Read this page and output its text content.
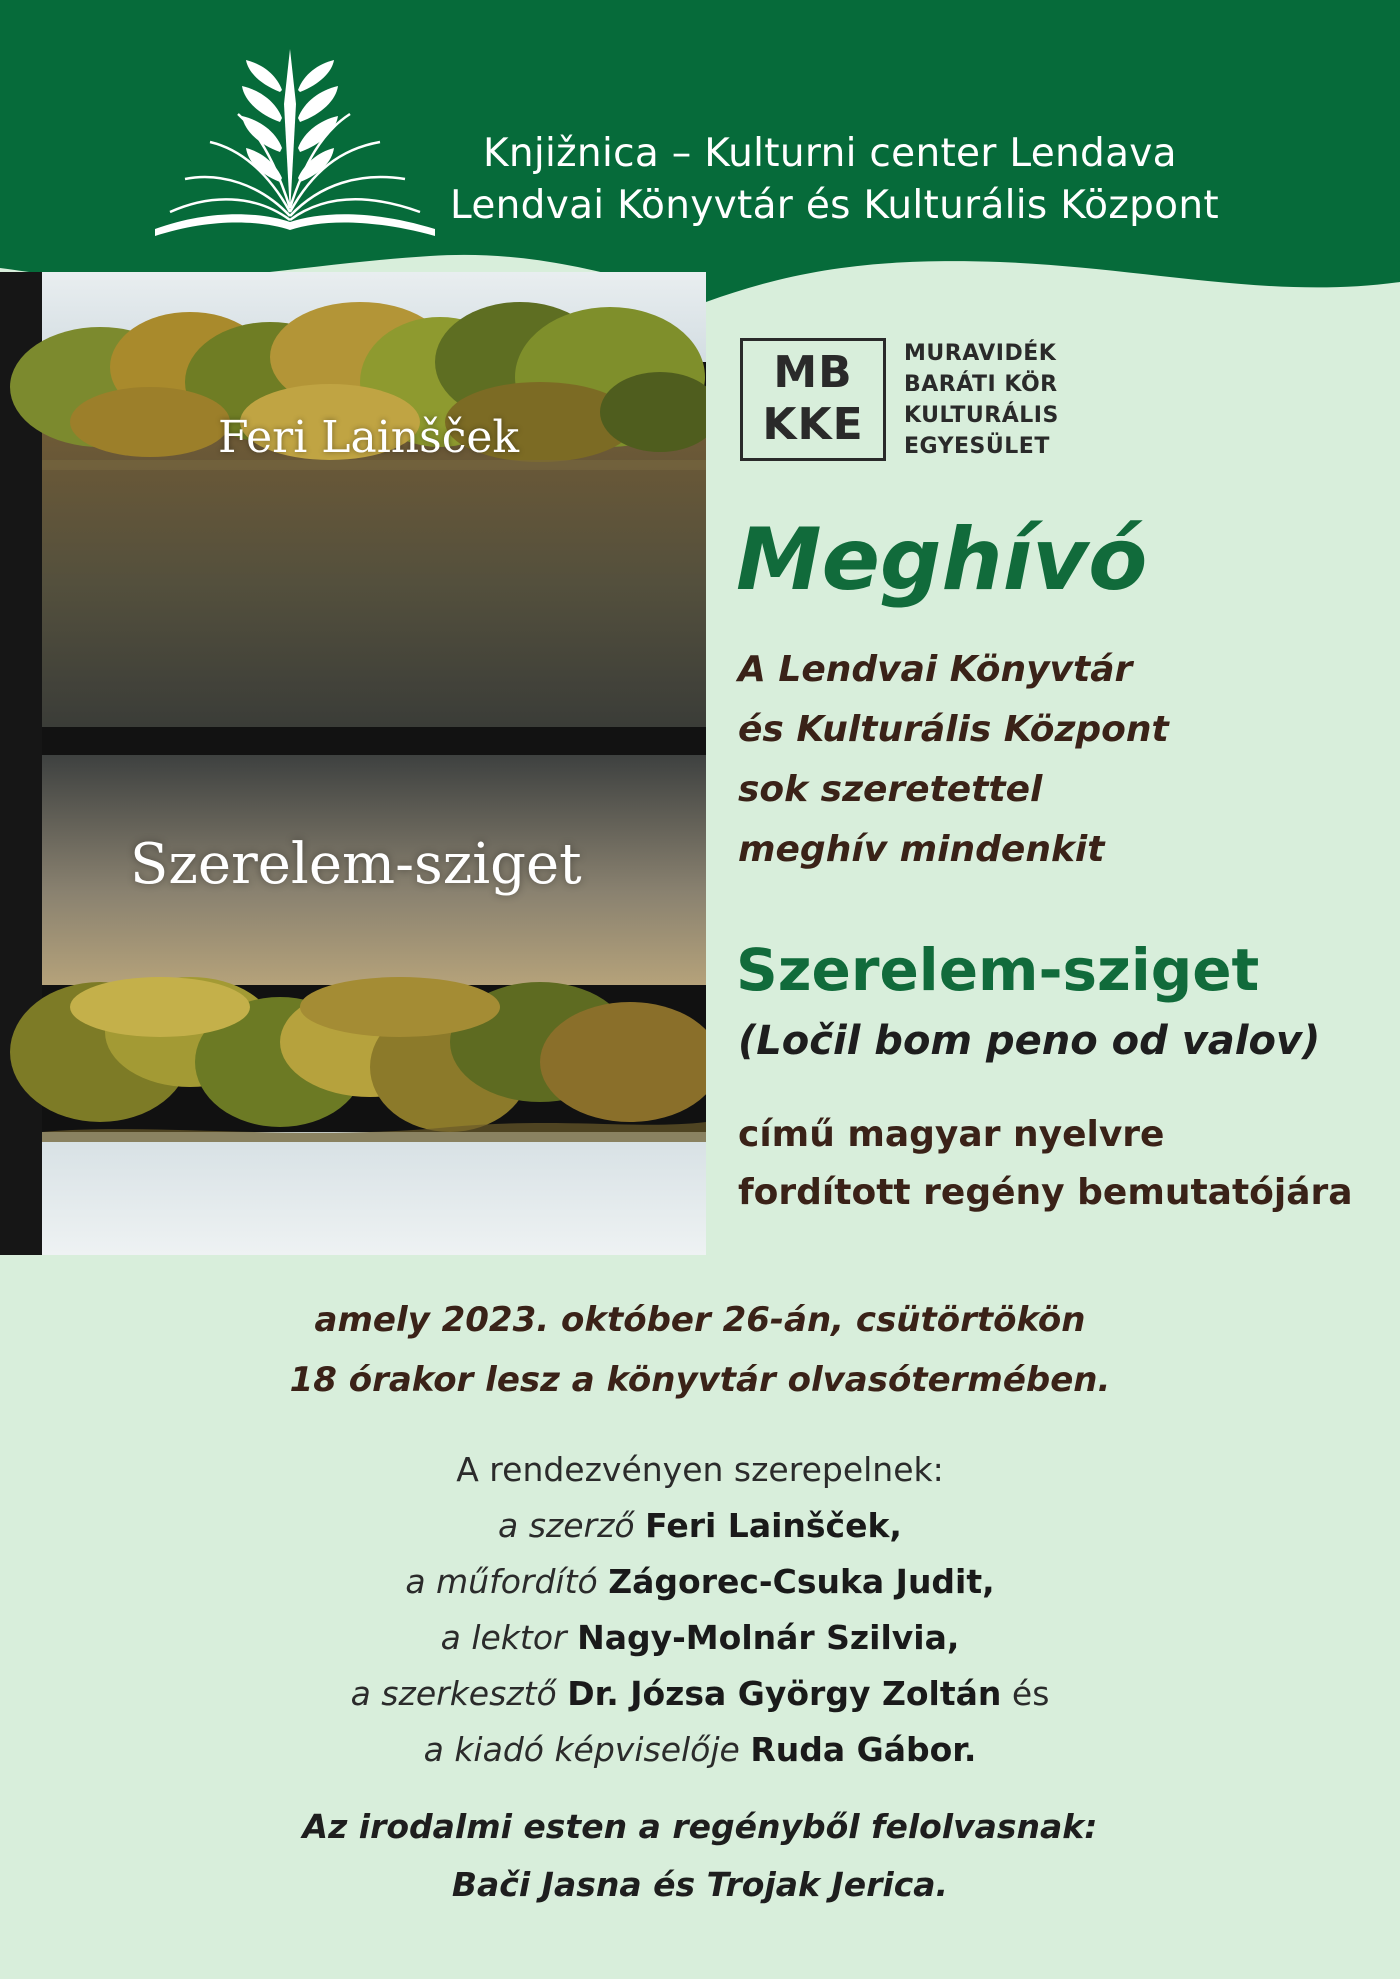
Knjižnica – Kulturni center Lendava
Lendvai Könyvtár és Kulturális Központ
Feri Lainšček
Szerelem-sziget
MB
KKE
MURAVIDÉK
BARÁTI KÖR
KULTURÁLIS
EGYESÜLET
Meghívó
A Lendvai Könyvtár
és Kulturális Központ
sok szeretettel
meghív mindenkit
Szerelem-sziget
(Ločil bom peno od valov)
című magyar nyelvre
fordított regény bemutatójára
amely 2023. október 26-án, csütörtökön
18 órakor lesz a könyvtár olvasótermében.
A rendezvényen szerepelnek:
a szerző Feri Lainšček,
a műfordító Zágorec-Csuka Judit,
a lektor Nagy-Molnár Szilvia,
a szerkesztő Dr. Józsa György Zoltán és
a kiadó képviselője Ruda Gábor.
Az irodalmi esten a regényből felolvasnak:
Bači Jasna és Trojak Jerica.
